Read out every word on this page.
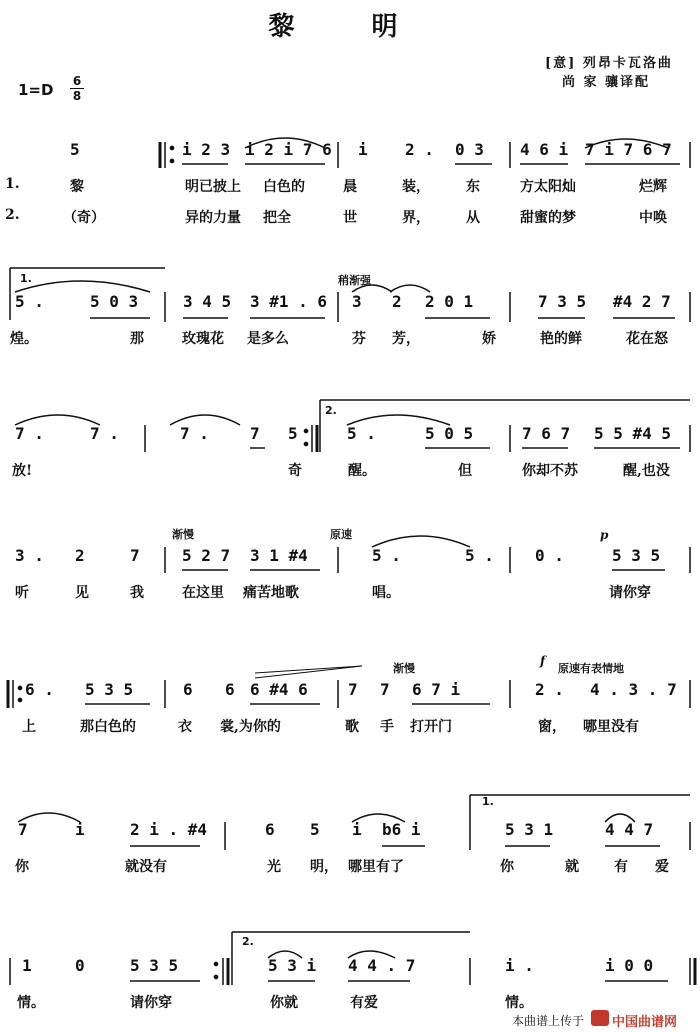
黎 明
[意] 列昂卡瓦洛曲
尚 家 骧译配
1=D 6
8
5	i 2 3 i 2 i 7 6 i 2 . 0 3 4 6 i 7 i 7 6 7
1.	黎	明已披上 白色的	晨	装，	东	方太阳灿	烂辉
2.	（奇）	异的力量 把全	世	界，	从	甜蜜的梦	中唤
5 .	5 0 3	3 4 5 3 #1 . 6 3 2 2 0 1	7 3 5 #4 2 7
煌。	那	玫瑰花 是多么	芬 芳，	娇	艳的鲜	花在怒
稍渐强
7 .	7 .	7 .	7 5	5 .	5 0 5	7 6 7 5 5 #4 5
放!	奇	醒。	但	你却不苏	醒,也没
3 . 2	7	5 2 7 3 1 #4	5 .	5 .	0 .	5 3 5
听	见	我	在这里 痛苦地歌	唱。	请你穿
渐慢	原速
6 . 5 3 5	6 6 6 #4 6	7 7 6 7 i	2 . 4 . 3 . 7
上	那白色的	衣 裳,为你的	歌 手 打开门	窗， 哪里没有
渐慢	原速有表情地
7	i	2 i . #4	6 5 i b6 i	5 3 1	4 4 7
你	就没有	光 明， 哪里有了	你	就	有 爱
1	0	5 3 5	5 3 i 4 4 . 7	i .	i 0 0
情。	请你穿	你就	有爱	情。
p
f
1.
2.
1.
2.
本曲谱上传于 中国曲谱网
